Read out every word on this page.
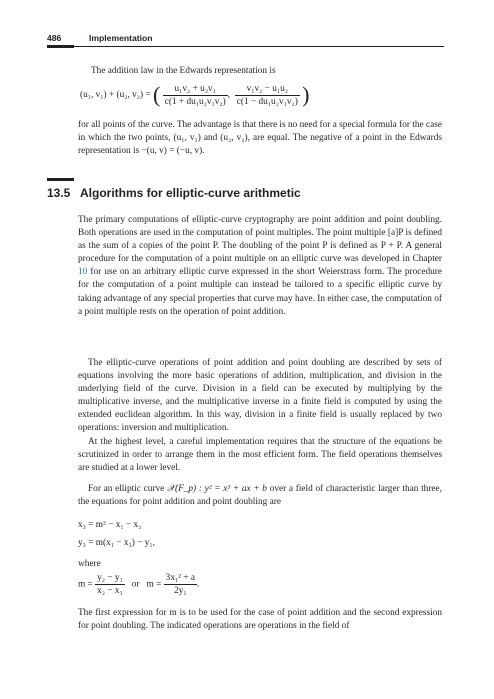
486	Implementation
The addition law in the Edwards representation is
(u₁, v₁) + (u₂, v₂) = ( $\frac{\text{u₁v₂ + u₂v₁}}{\text{c(1 + du₁u₂v₁v₂)}}$ , $\frac{\text{v₁v₂ − u₁u₂}}{\text{c(1 − du₁u₂v₁v₂)}}$ )

for all points of the curve. The advantage is that there is no need for a special formula for the case in which the two points, (u₁, v₁) and (u₂, v₂), are equal. The negative of a point in the Edwards representation is −(u, v) = (−u, v).

13.5 Algorithms for elliptic-curve arithmetic

The primary computations of elliptic-curve cryptography are point addition and point doubling. Both operations are used in the computation of point multiples. The point multiple [a]P is defined as the sum of a copies of the point P. The doubling of the point P is defined as P + P. A general procedure for the computation of a point multiple on an elliptic curve was developed in Chapter 10 for use on an arbitrary elliptic curve expressed in the short Weierstrass form. The procedure for the computation of a point multiple can instead be tailored to a specific elliptic curve by taking advantage of any special properties that curve may have. In either case, the computation of a point multiple rests on the operation of point addition.

The elliptic-curve operations of point addition and point doubling are described by sets of equations involving the more basic operations of addition, multiplication, and division in the underlying field of the curve. Division in a field can be executed by multiplying by the multiplicative inverse, and the multiplicative inverse in a finite field is computed by using the extended euclidean algorithm. In this way, division in a finite field is usually replaced by two operations: inversion and multiplication.

At the highest level, a careful implementation requires that the structure of the equations be scrutinized in order to arrange them in the most efficient form. The field operations themselves are studied at a lower level.

For an elliptic curve 𝒳(F_p) : y² = x³ + ax + b over a field of characteristic larger than three, the equations for point addition and point doubling are

x₃ = m² − x₁ − x₂
y₃ = m(x₁ − x₃) − y₁,
where
$m = \frac{\text{y₂ − y₁}}{\text{x₂ − x₁}}$ or $m = \frac{\text{3x₁² + a}}{\text{2y₁}}$ .

The first expression for m is to be used for the case of point addition and the second expression for point doubling. The indicated operations are operations in the field of
